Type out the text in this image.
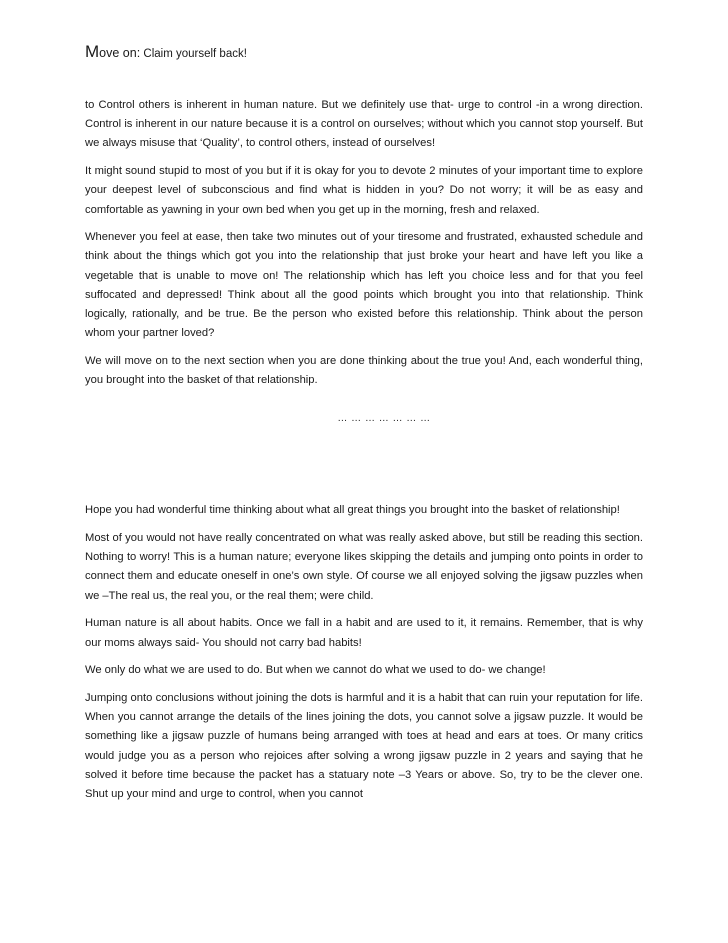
Move on: Claim yourself back!

to Control others is inherent in human nature. But we definitely use that- urge to control -in a wrong direction. Control is inherent in our nature because it is a control on ourselves; without which you cannot stop yourself. But we always misuse that ‘Quality’, to control others, instead of ourselves!

It might sound stupid to most of you but if it is okay for you to devote 2 minutes of your important time to explore your deepest level of subconscious and find what is hidden in you? Do not worry; it will be as easy and comfortable as yawning in your own bed when you get up in the morning, fresh and relaxed.

Whenever you feel at ease, then take two minutes out of your tiresome and frustrated, exhausted schedule and think about the things which got you into the relationship that just broke your heart and have left you like a vegetable that is unable to move on! The relationship which has left you choice less and for that you feel suffocated and depressed! Think about all the good points which brought you into that relationship. Think logically, rationally, and be true. Be the person who existed before this relationship. Think about the person whom your partner loved?

We will move on to the next section when you are done thinking about the true you! And, each wonderful thing, you brought into the basket of that relationship.

… … … … … … …

Hope you had wonderful time thinking about what all great things you brought into the basket of relationship!

Most of you would not have really concentrated on what was really asked above, but still be reading this section. Nothing to worry! This is a human nature; everyone likes skipping the details and jumping onto points in order to connect them and educate oneself in one’s own style. Of course we all enjoyed solving the jigsaw puzzles when we –The real us, the real you, or the real them; were child.

Human nature is all about habits. Once we fall in a habit and are used to it, it remains. Remember, that is why our moms always said- You should not carry bad habits!

We only do what we are used to do. But when we cannot do what we used to do- we change!

Jumping onto conclusions without joining the dots is harmful and it is a habit that can ruin your reputation for life. When you cannot arrange the details of the lines joining the dots, you cannot solve a jigsaw puzzle. It would be something like a jigsaw puzzle of humans being arranged with toes at head and ears at toes. Or many critics would judge you as a person who rejoices after solving a wrong jigsaw puzzle in 2 years and saying that he solved it before time because the packet has a statuary note –3 Years or above. So, try to be the clever one. Shut up your mind and urge to control, when you cannot
